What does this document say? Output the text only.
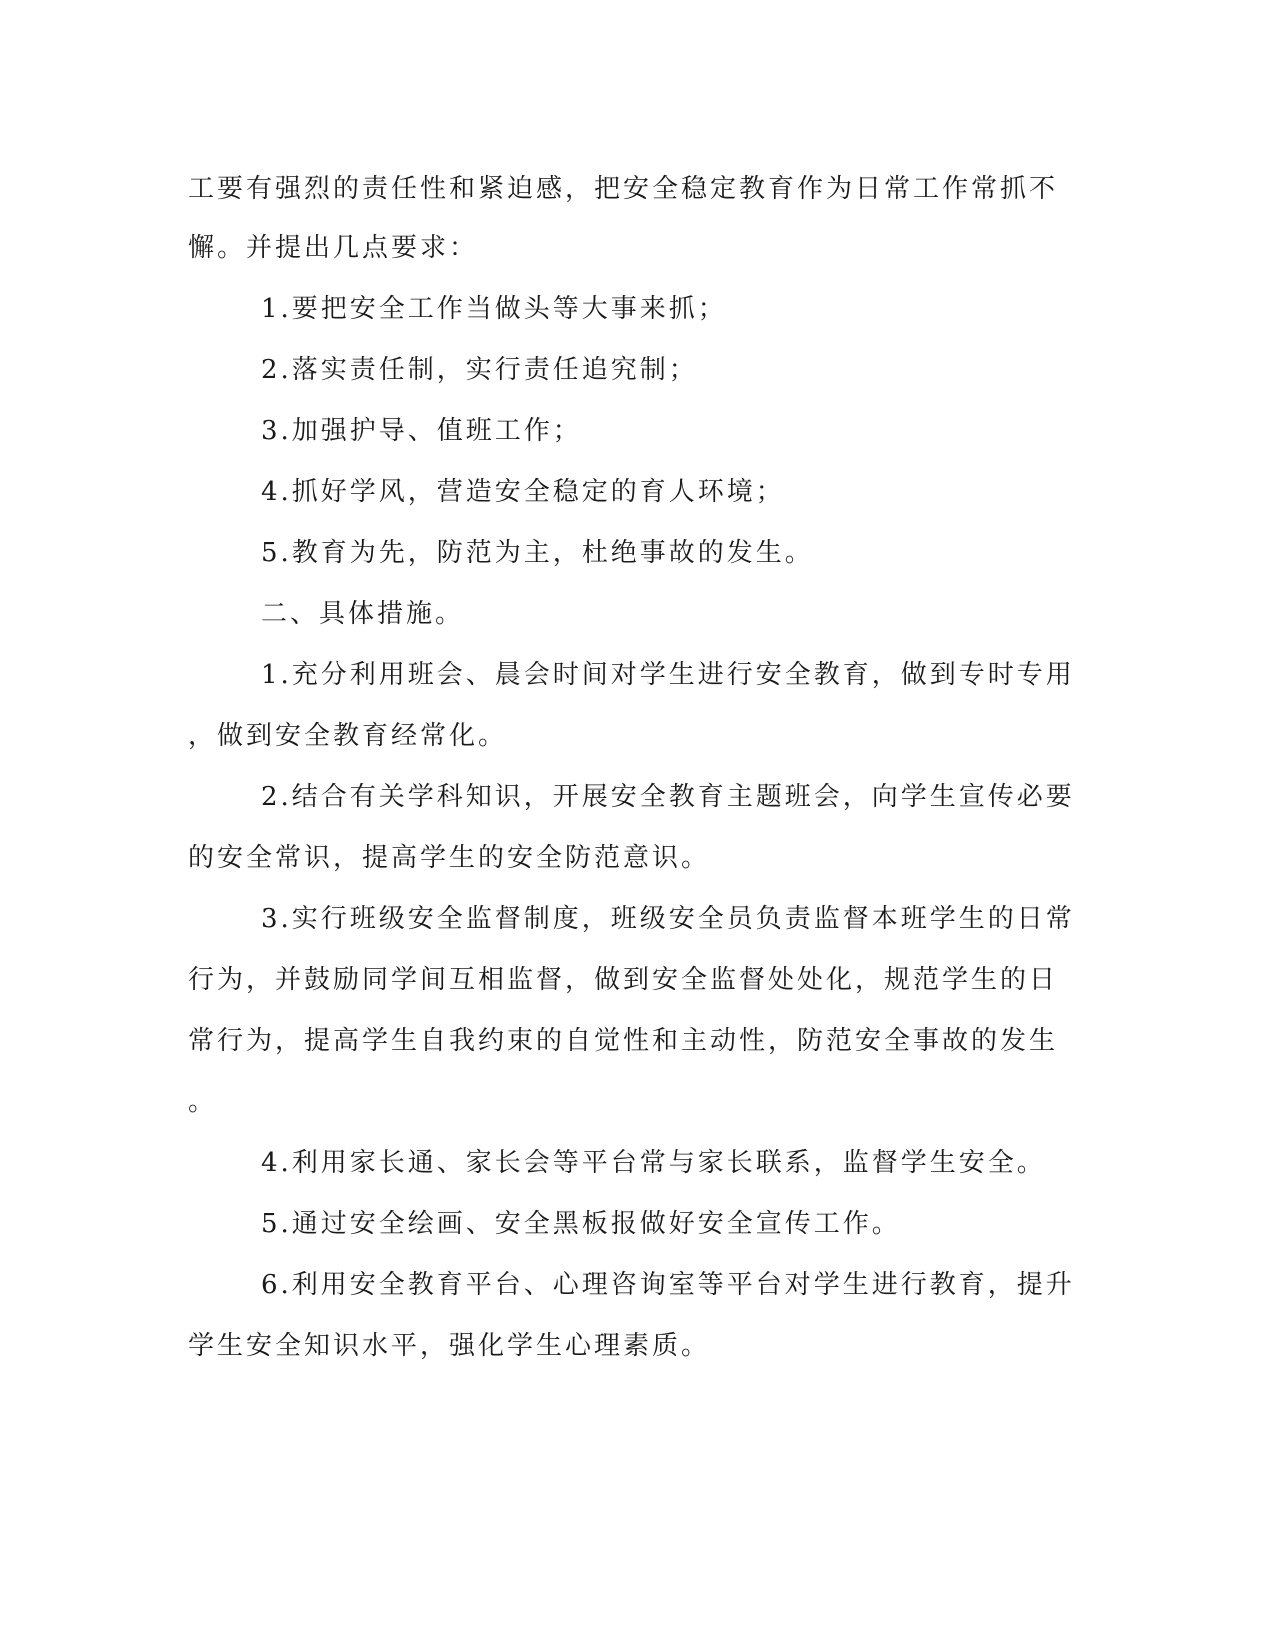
工要有强烈的责任性和紧迫感，把安全稳定教育作为日常工作常抓不
懈。并提出几点要求：
1.要把安全工作当做头等大事来抓；
2.落实责任制，实行责任追究制；
3.加强护导、值班工作；
4.抓好学风，营造安全稳定的育人环境；
5.教育为先，防范为主，杜绝事故的发生。
二、具体措施。
1.充分利用班会、晨会时间对学生进行安全教育，做到专时专用
，做到安全教育经常化。
2.结合有关学科知识，开展安全教育主题班会，向学生宣传必要
的安全常识，提高学生的安全防范意识。
3.实行班级安全监督制度，班级安全员负责监督本班学生的日常
行为，并鼓励同学间互相监督，做到安全监督处处化，规范学生的日
常行为，提高学生自我约束的自觉性和主动性，防范安全事故的发生
。
4.利用家长通、家长会等平台常与家长联系，监督学生安全。
5.通过安全绘画、安全黑板报做好安全宣传工作。
6.利用安全教育平台、心理咨询室等平台对学生进行教育，提升
学生安全知识水平，强化学生心理素质。
